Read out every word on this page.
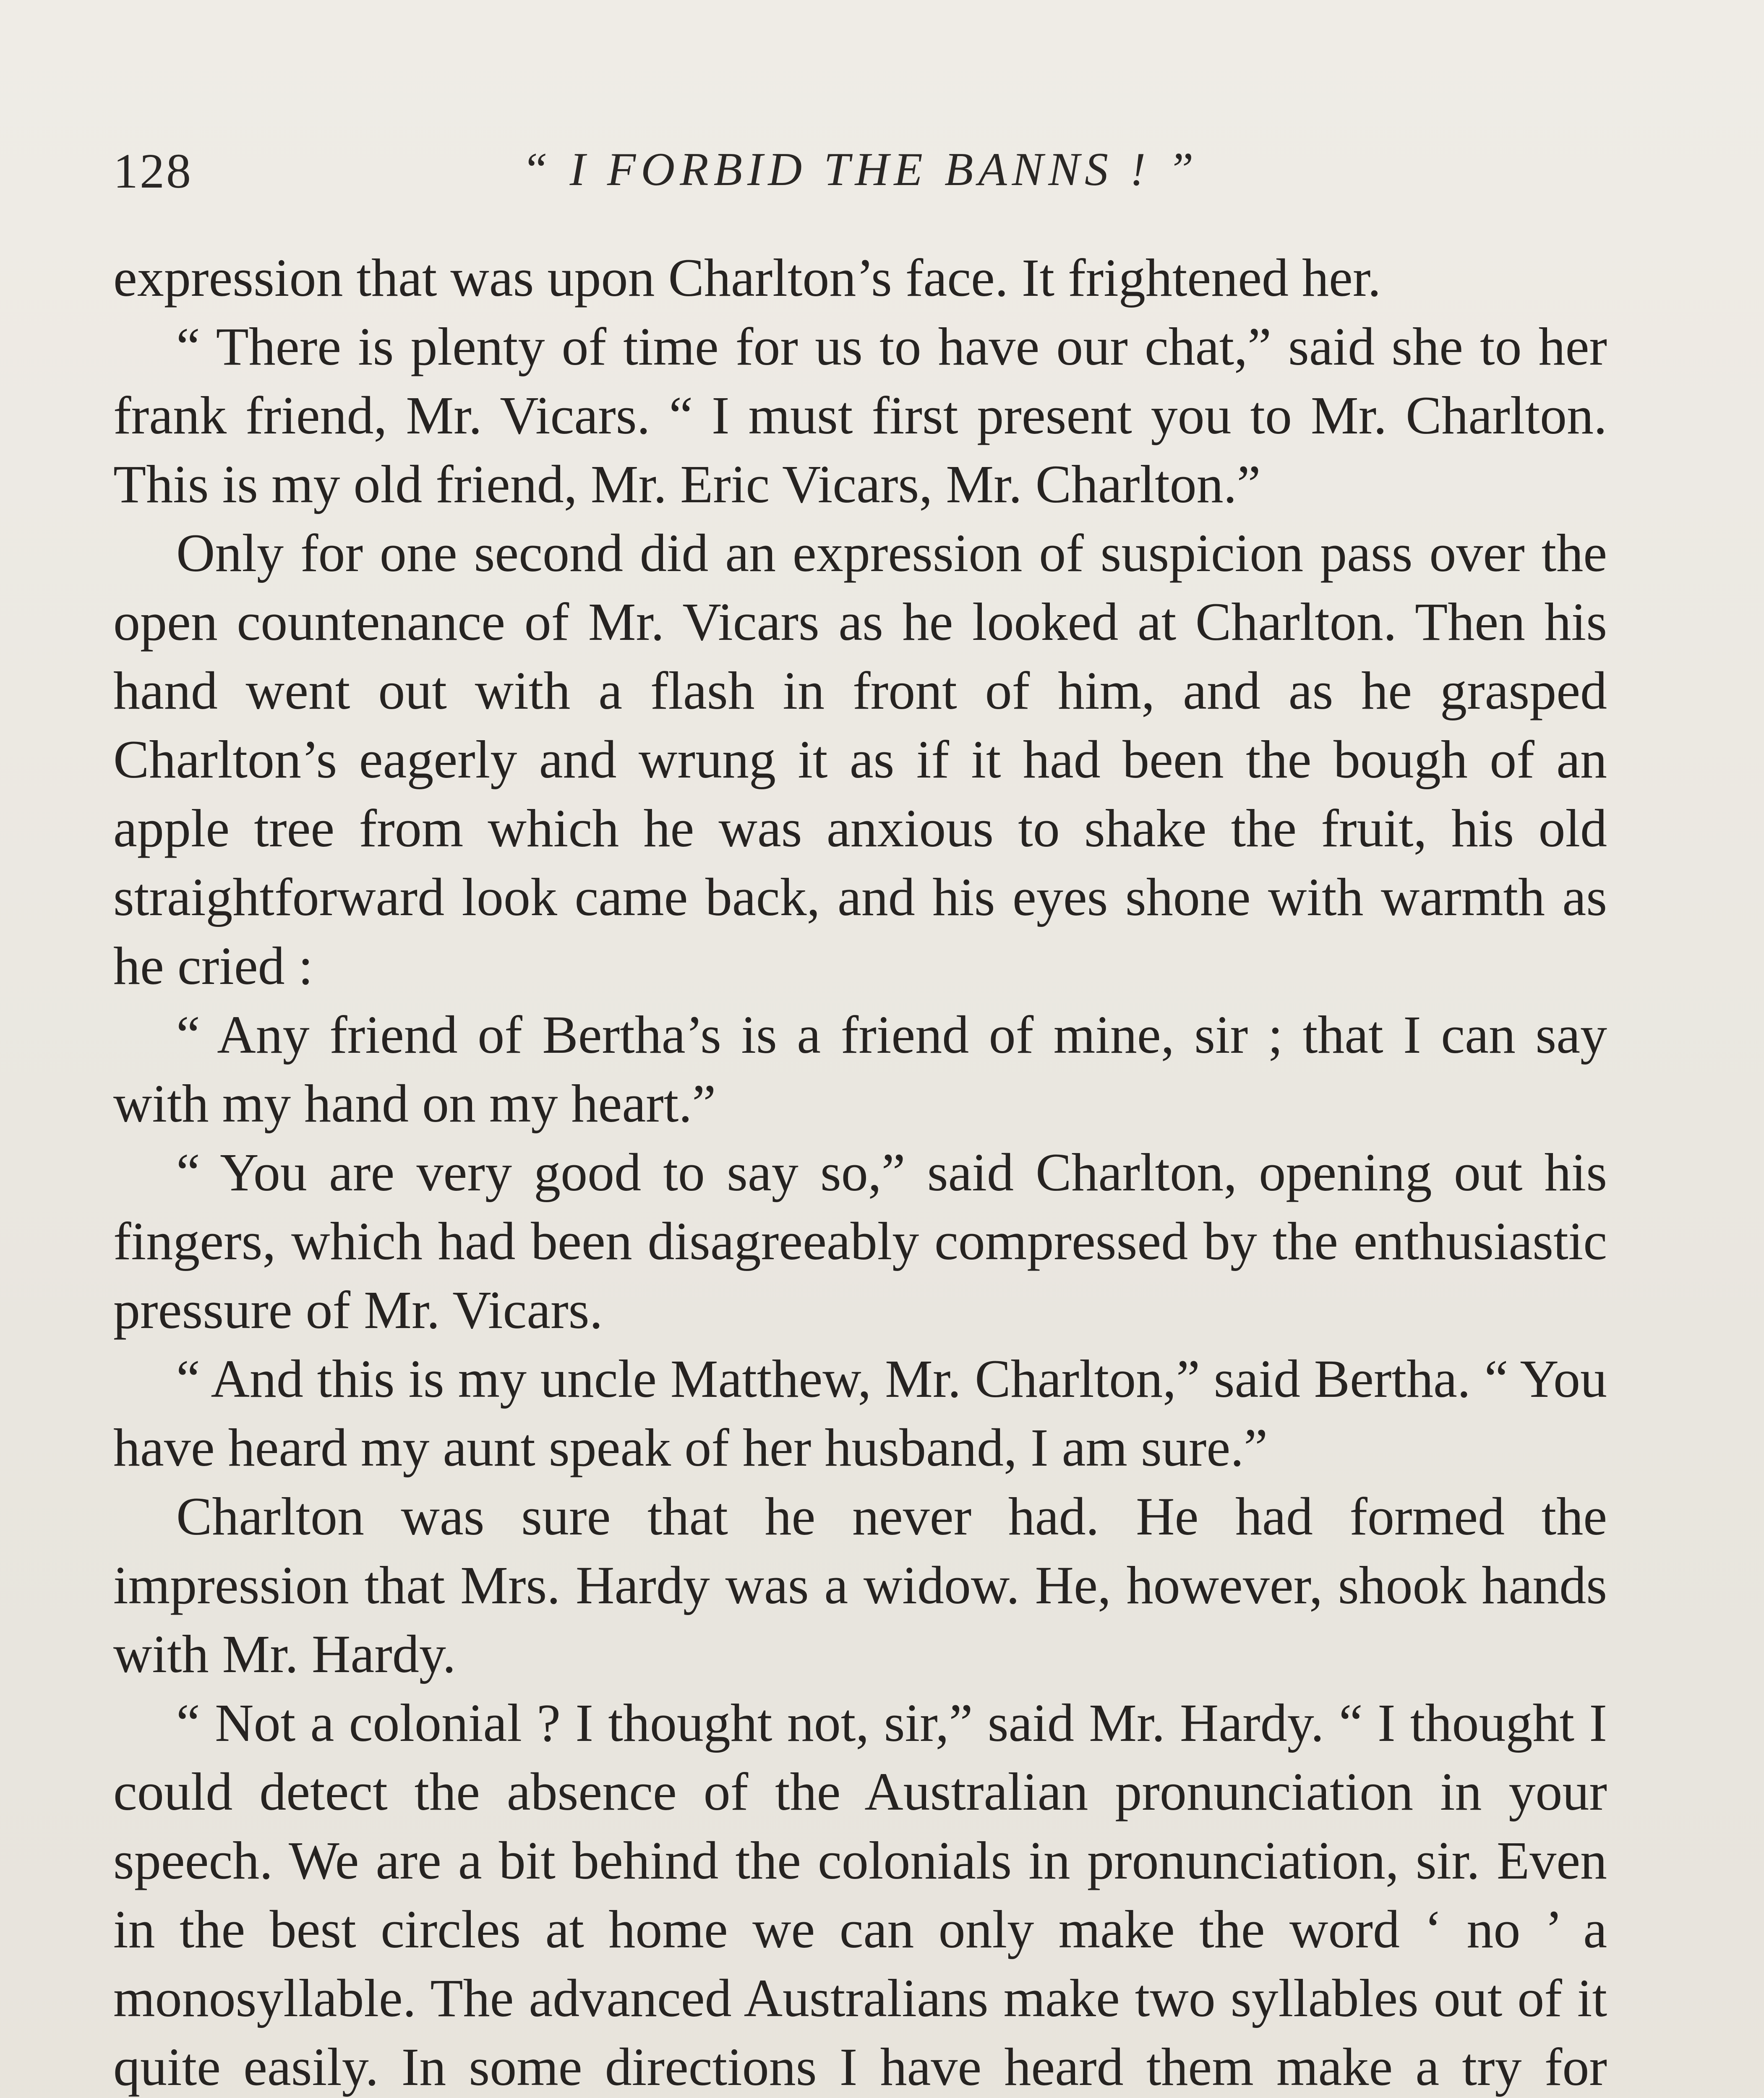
128	“ I FORBID THE BANNS ! ”

expression that was upon Charlton’s face. It frightened her.

“ There is plenty of time for us to have our chat,” said she to her frank friend, Mr. Vicars. “ I must first present you to Mr. Charlton. This is my old friend, Mr. Eric Vicars, Mr. Charlton.”

Only for one second did an expression of suspicion pass over the open countenance of Mr. Vicars as he looked at Charlton. Then his hand went out with a flash in front of him, and as he grasped Charlton’s eagerly and wrung it as if it had been the bough of an apple tree from which he was anxious to shake the fruit, his old straightforward look came back, and his eyes shone with warmth as he cried :

“ Any friend of Bertha’s is a friend of mine, sir ; that I can say with my hand on my heart.”

“ You are very good to say so,” said Charlton, opening out his fingers, which had been disagreeably compressed by the enthusiastic pressure of Mr. Vicars.

“ And this is my uncle Matthew, Mr. Charlton,” said Bertha. “ You have heard my aunt speak of her husband, I am sure.”

Charlton was sure that he never had. He had formed the impression that Mrs. Hardy was a widow. He, however, shook hands with Mr. Hardy.

“ Not a colonial ? I thought not, sir,” said Mr. Hardy. “ I thought I could detect the absence of the Australian pronunciation in your speech. We are a bit behind the colonials in pronunciation, sir. Even in the best circles at home we can only make the word ‘ no ’ a monosyllable. The advanced Australians make two syllables out of it quite easily. In some directions I have heard them make a try for
